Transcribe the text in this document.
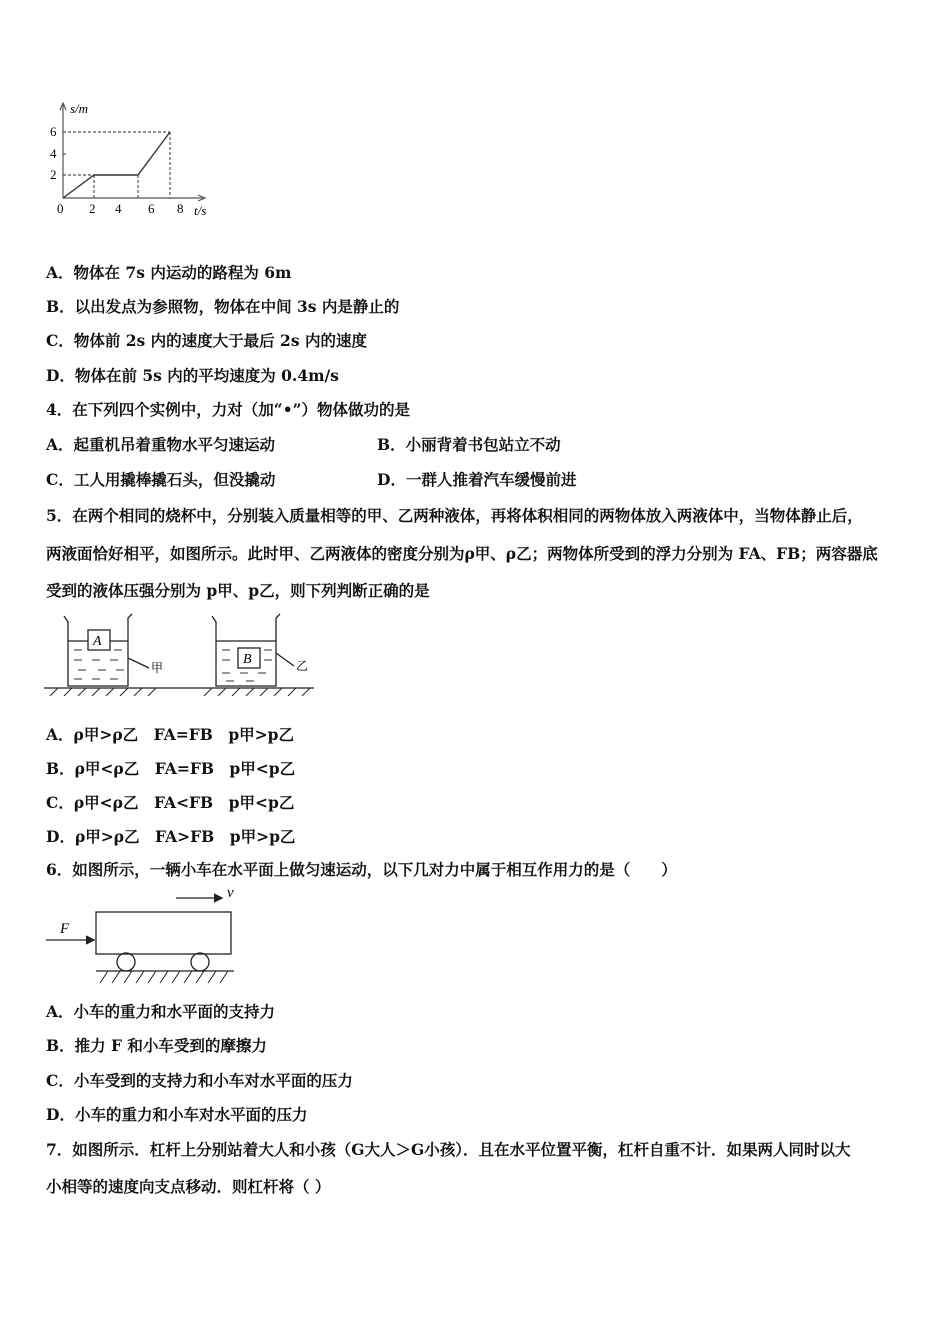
s/m
6
4
2
0 2 4 6 8 t/s
A．物体在 7s 内运动的路程为 6m
B．以出发点为参照物，物体在中间 3s 内是静止的
C．物体前 2s 内的速度大于最后 2s 内的速度
D．物体在前 5s 内的平均速度为 0.4m/s
4．在下列四个实例中，力对（加“•”）物体做功的是
A．起重机吊着重物水平匀速运动	B．小丽背着书包站立不动
C．工人用撬棒撬石头，但没撬动	D．一群人推着汽车缓慢前进
5．在两个相同的烧杯中，分别装入质量相等的甲、乙两种液体，再将体积相同的两物体放入两液体中，当物体静止后，
两液面恰好相平，如图所示。此时甲、乙两液体的密度分别为ρ甲、ρ乙；两物体所受到的浮力分别为 FA、FB；两容器底
受到的液体压强分别为 p甲、p乙，则下列判断正确的是
A
B
甲	乙
A．ρ甲>ρ乙　FA=FB　p甲>p乙
B．ρ甲<ρ乙　FA=FB　p甲<p乙
C．ρ甲<ρ乙　FA<FB　p甲<p乙
D．ρ甲>ρ乙　FA>FB　p甲>p乙
6．如图所示，一辆小车在水平面上做匀速运动，以下几对力中属于相互作用力的是（　　）
F
v
A．小车的重力和水平面的支持力
B．推力 F 和小车受到的摩擦力
C．小车受到的支持力和小车对水平面的压力
D．小车的重力和小车对水平面的压力
7．如图所示．杠杆上分别站着大人和小孩（G大人＞G小孩）．且在水平位置平衡，杠杆自重不计．如果两人同时以大
小相等的速度向支点移动．则杠杆将（ ）
